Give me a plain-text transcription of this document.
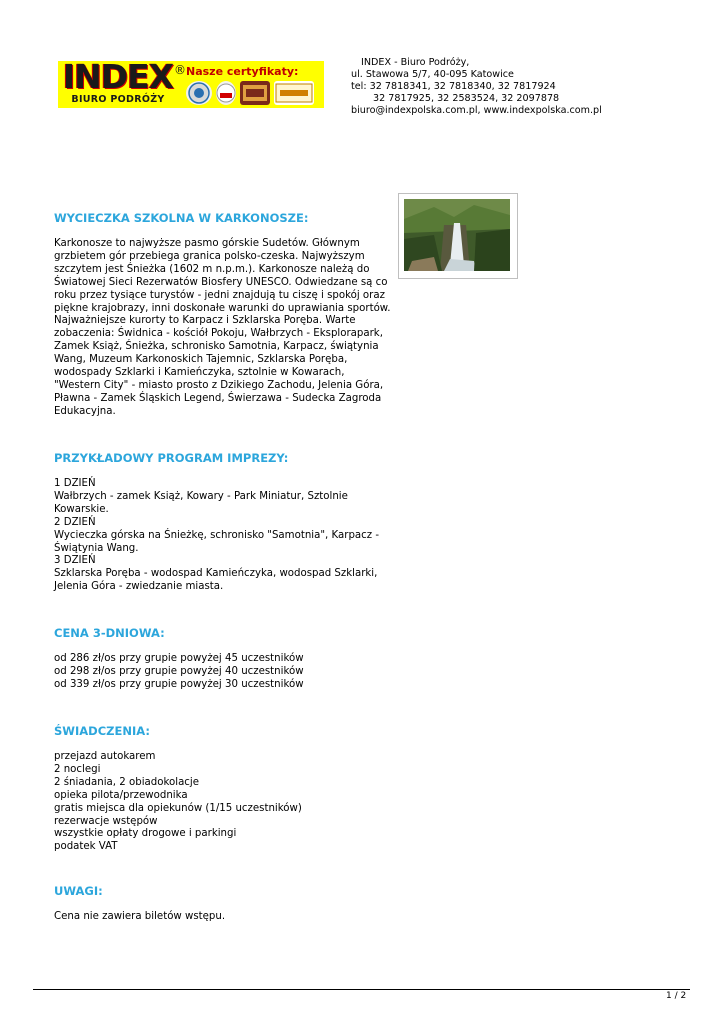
INDEX ®
BIURO PODRÓŻY
Nasze certyfikaty:
INDEX - Biuro Podróży,
ul. Stawowa 5/7, 40-095 Katowice
tel: 32 7818341, 32 7818340, 32 7817924
32 7817925, 32 2583524, 32 2097878
biuro@indexpolska.com.pl, www.indexpolska.com.pl
WYCIECZKA SZKOLNA W KARKONOSZE:

Karkonosze to najwyższe pasmo górskie Sudetów. Głównym grzbietem gór przebiega granica polsko-czeska. Najwyższym szczytem jest Śnieżka (1602 m n.p.m.). Karkonosze należą do Światowej Sieci Rezerwatów Biosfery UNESCO. Odwiedzane są co roku przez tysiące turystów - jedni znajdują tu ciszę i spokój oraz piękne krajobrazy, inni doskonałe warunki do uprawiania sportów. Najważniejsze kurorty to Karpacz i Szklarska Poręba. Warte zobaczenia: Świdnica - kościół Pokoju, Wałbrzych - Eksplorapark, Zamek Książ, Śnieżka, schronisko Samotnia, Karpacz, świątynia Wang, Muzeum Karkonoskich Tajemnic, Szklarska Poręba, wodospady Szklarki i Kamieńczyka, sztolnie w Kowarach, "Western City" - miasto prosto z Dzikiego Zachodu, Jelenia Góra, Pławna - Zamek Śląskich Legend, Świerzawa - Sudecka Zagroda Edukacyjna.

PRZYKŁADOWY PROGRAM IMPREZY:
1 DZIEŃ
Wałbrzych - zamek Książ, Kowary - Park Miniatur, Sztolnie Kowarskie.
2 DZIEŃ
Wycieczka górska na Śnieżkę, schronisko "Samotnia", Karpacz - Świątynia Wang.
3 DZIEŃ
Szklarska Poręba - wodospad Kamieńczyka, wodospad Szklarki, Jelenia Góra - zwiedzanie miasta.
CENA 3-DNIOWA:
od 286 zł/os przy grupie powyżej 45 uczestników
od 298 zł/os przy grupie powyżej 40 uczestników
od 339 zł/os przy grupie powyżej 30 uczestników
ŚWIADCZENIA:
przejazd autokarem
2 noclegi
2 śniadania, 2 obiadokolacje
opieka pilota/przewodnika
gratis miejsca dla opiekunów (1/15 uczestników)
rezerwacje wstępów
wszystkie opłaty drogowe i parkingi
podatek VAT
UWAGI:
Cena nie zawiera biletów wstępu.
1 / 2
